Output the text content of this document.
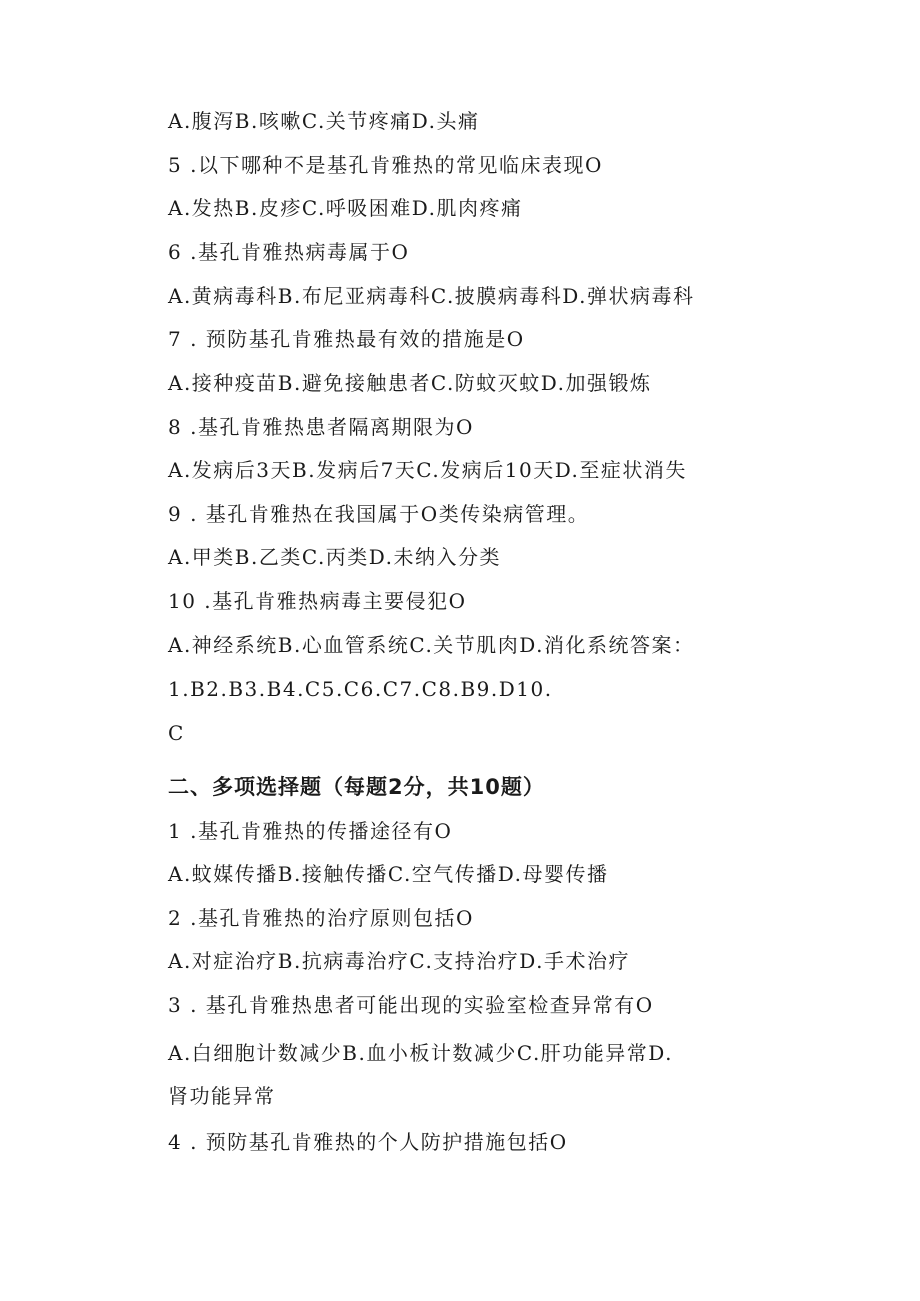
A.腹泻B.咳嗽C.关节疼痛D.头痛
5 .以下哪种不是基孔肯雅热的常见临床表现O
A.发热B.皮疹C.呼吸困难D.肌肉疼痛
6 .基孔肯雅热病毒属于O
A.黄病毒科B.布尼亚病毒科C.披膜病毒科D.弹状病毒科
7 . 预防基孔肯雅热最有效的措施是O
A.接种疫苗B.避免接触患者C.防蚊灭蚊D.加强锻炼
8 .基孔肯雅热患者隔离期限为O
A.发病后3天B.发病后7天C.发病后10天D.至症状消失
9 . 基孔肯雅热在我国属于O类传染病管理。
A.甲类B.乙类C.丙类D.未纳入分类
10 .基孔肯雅热病毒主要侵犯O
A.神经系统B.心血管系统C.关节肌肉D.消化系统答案：
1.B2.B3.B4.C5.C6.C7.C8.B9.D10.
C
二、多项选择题（每题2分，共10题）
1 .基孔肯雅热的传播途径有O
A.蚊媒传播B.接触传播C.空气传播D.母婴传播
2 .基孔肯雅热的治疗原则包括O
A.对症治疗B.抗病毒治疗C.支持治疗D.手术治疗
3 . 基孔肯雅热患者可能出现的实验室检查异常有O
A.白细胞计数减少B.血小板计数减少C.肝功能异常D.
肾功能异常
4 . 预防基孔肯雅热的个人防护措施包括O
